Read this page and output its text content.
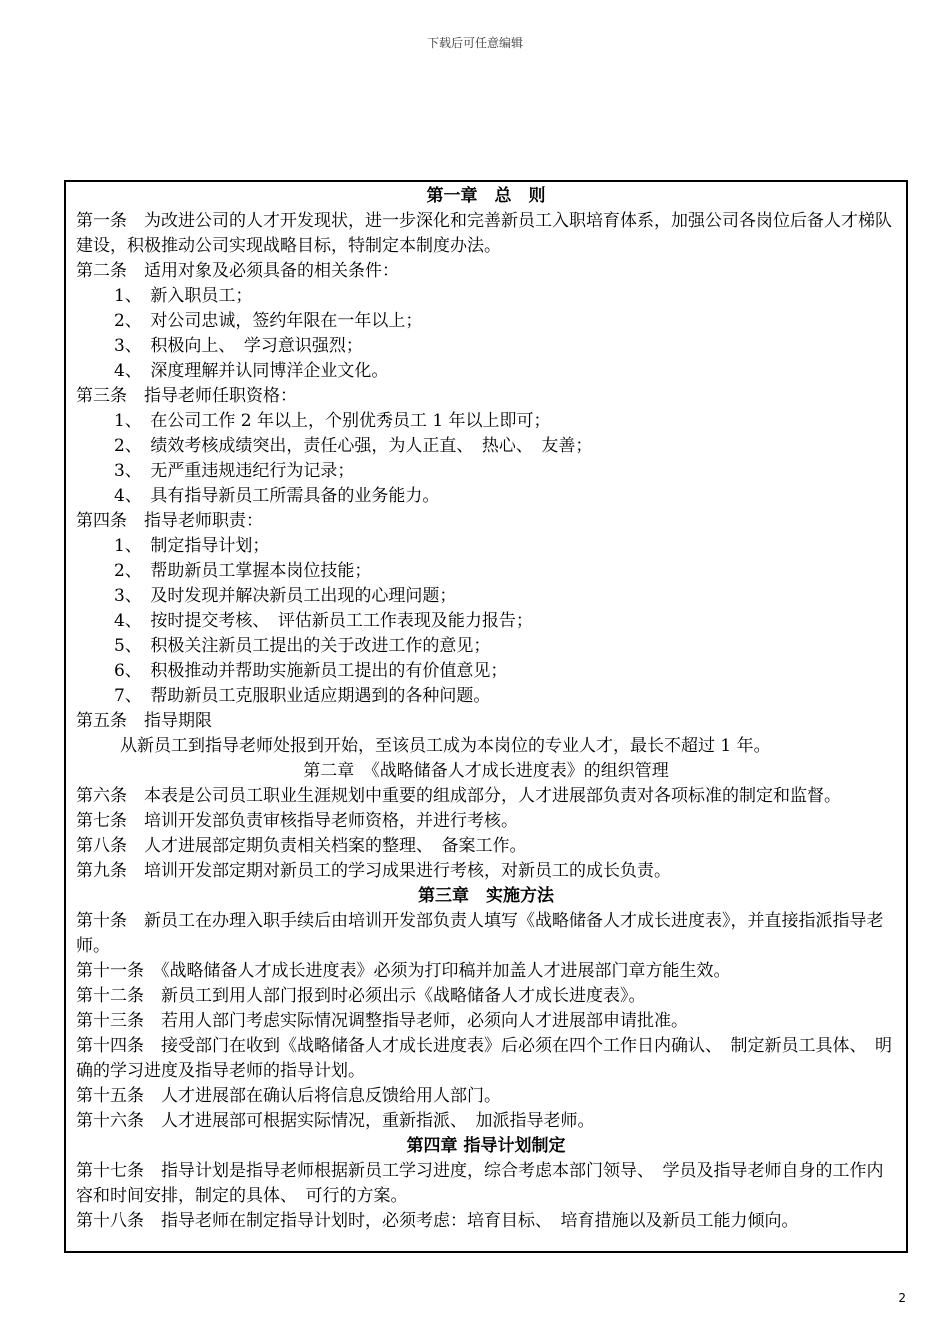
下载后可任意编辑
第一章　总　则
第一条　为改进公司的人才开发现状，进一步深化和完善新员工入职培育体系，加强公司各岗位后备人才梯队建设，积极推动公司实现战略目标，特制定本制度办法。
第二条　适用对象及必须具备的相关条件：
1、　新入职员工；
2、　对公司忠诚，签约年限在一年以上；
3、　积极向上、　学习意识强烈；
4、　深度理解并认同博洋企业文化。
第三条　指导老师任职资格：
1、　在公司工作 2 年以上，个别优秀员工 1 年以上即可；
2、　绩效考核成绩突出，责任心强，为人正直、　热心、　友善；
3、　无严重违规违纪行为记录；
4、　具有指导新员工所需具备的业务能力。
第四条　指导老师职责：
1、　制定指导计划；
2、　帮助新员工掌握本岗位技能；
3、　及时发现并解决新员工出现的心理问题；
4、　按时提交考核、　评估新员工工作表现及能力报告；
5、　积极关注新员工提出的关于改进工作的意见；
6、　积极推动并帮助实施新员工提出的有价值意见；
7、　帮助新员工克服职业适应期遇到的各种问题。
第五条　指导期限
从新员工到指导老师处报到开始，至该员工成为本岗位的专业人才，最长不超过 1 年。
第二章　《战略储备人才成长进度表》的组织管理
第六条　本表是公司员工职业生涯规划中重要的组成部分，人才进展部负责对各项标准的制定和监督。
第七条　培训开发部负责审核指导老师资格，并进行考核。
第八条　人才进展部定期负责相关档案的整理、　备案工作。
第九条　培训开发部定期对新员工的学习成果进行考核，对新员工的成长负责。
第三章　实施方法
第十条　新员工在办理入职手续后由培训开发部负责人填写《战略储备人才成长进度表》，并直接指派指导老师。
第十一条　《战略储备人才成长进度表》必须为打印稿并加盖人才进展部门章方能生效。
第十二条　新员工到用人部门报到时必须出示《战略储备人才成长进度表》。
第十三条　若用人部门考虑实际情况调整指导老师，必须向人才进展部申请批准。
第十四条　接受部门在收到《战略储备人才成长进度表》后必须在四个工作日内确认、　制定新员工具体、　明确的学习进度及指导老师的指导计划。
第十五条　人才进展部在确认后将信息反馈给用人部门。
第十六条　人才进展部可根据实际情况，重新指派、　加派指导老师。
第四章 指导计划制定
第十七条　指导计划是指导老师根据新员工学习进度，综合考虑本部门领导、　学员及指导老师自身的工作内容和时间安排，制定的具体、　可行的方案。
第十八条　指导老师在制定指导计划时，必须考虑：培育目标、　培育措施以及新员工能力倾向。
2
